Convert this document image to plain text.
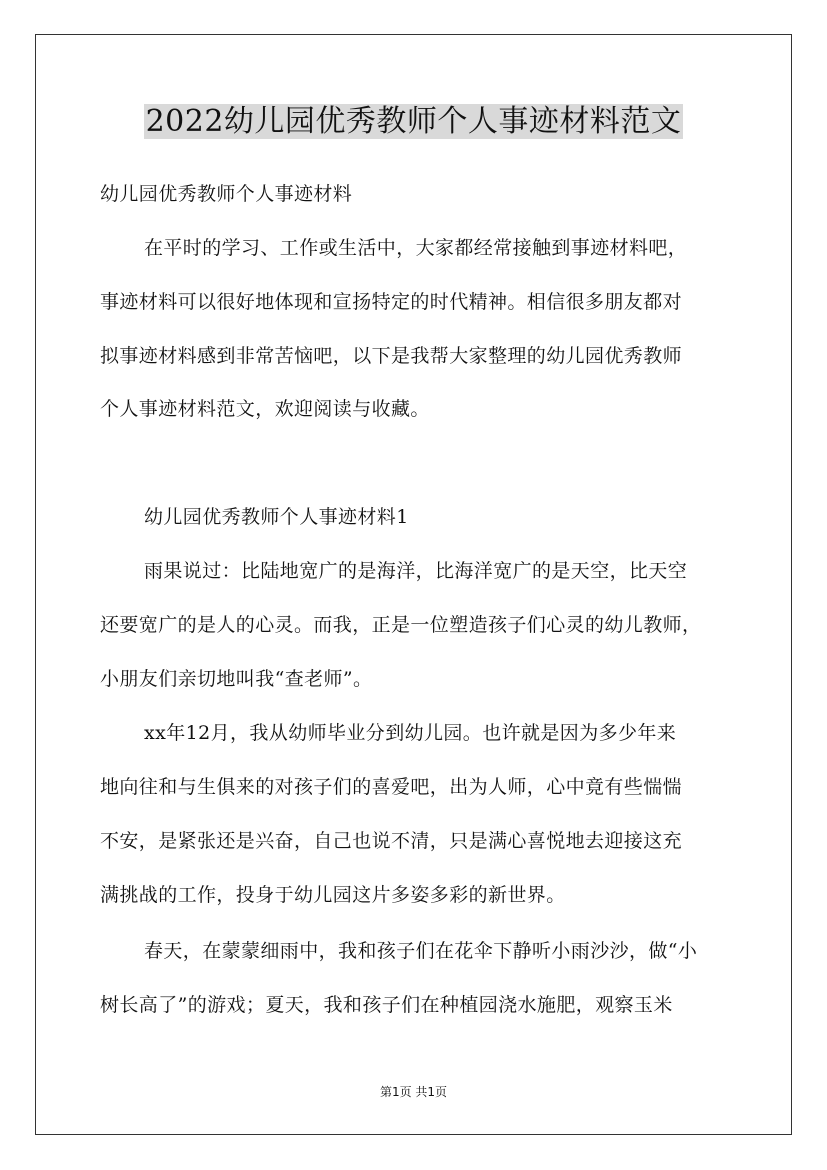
2022幼儿园优秀教师个人事迹材料范文
幼儿园优秀教师个人事迹材料
在平时的学习、工作或生活中，大家都经常接触到事迹材料吧，
事迹材料可以很好地体现和宣扬特定的时代精神。相信很多朋友都对
拟事迹材料感到非常苦恼吧，以下是我帮大家整理的幼儿园优秀教师
个人事迹材料范文，欢迎阅读与收藏。
幼儿园优秀教师个人事迹材料1
雨果说过：比陆地宽广的是海洋，比海洋宽广的是天空，比天空
还要宽广的是人的心灵。而我，正是一位塑造孩子们心灵的幼儿教师，
小朋友们亲切地叫我“查老师”。
xx年12月，我从幼师毕业分到幼儿园。也许就是因为多少年来
地向往和与生俱来的对孩子们的喜爱吧，出为人师，心中竟有些惴惴
不安，是紧张还是兴奋，自己也说不清，只是满心喜悦地去迎接这充
满挑战的工作，投身于幼儿园这片多姿多彩的新世界。
春天，在蒙蒙细雨中，我和孩子们在花伞下静听小雨沙沙，做“小
树长高了”的游戏；夏天，我和孩子们在种植园浇水施肥，观察玉米
第1页 共1页
